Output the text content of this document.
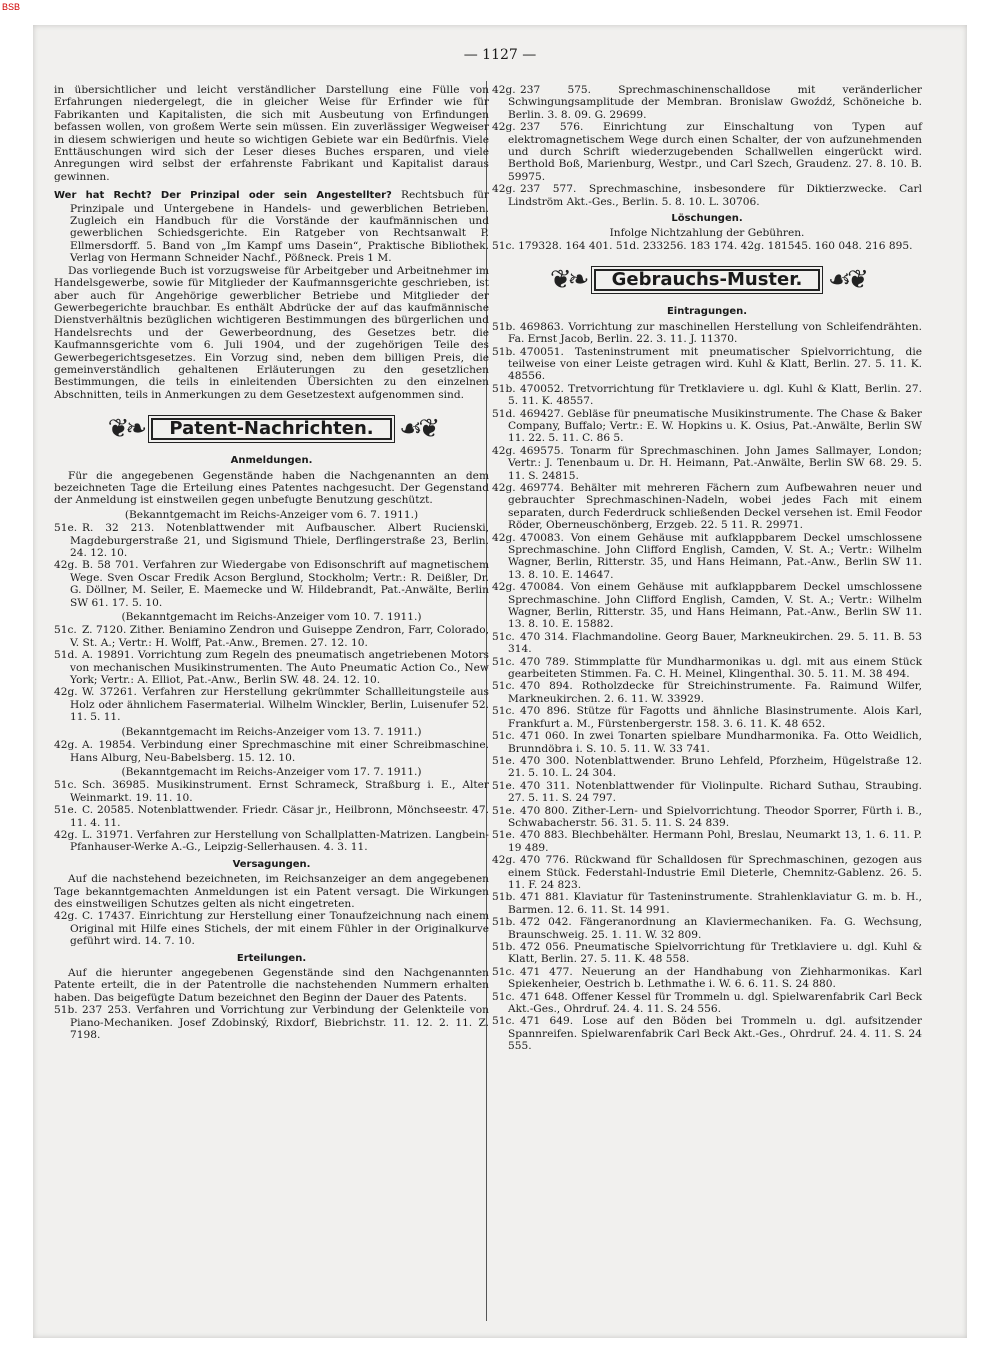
BSB
— 1127 —

in übersichtlicher und leicht verständlicher Darstellung eine Fülle von Erfahrungen niedergelegt, die in gleicher Weise für Erfinder wie für Fabrikanten und Kapitalisten, die sich mit Ausbeutung von Erfindungen befassen wollen, von großem Werte sein müssen. Ein zuverlässiger Wegweiser in diesem schwierigen und heute so wichtigen Gebiete war ein Bedürfnis. Viele Enttäuschungen wird sich der Leser dieses Buches ersparen, und viele Anregungen wird selbst der erfahrenste Fabrikant und Kapitalist daraus gewinnen.

Wer hat Recht? Der Prinzipal oder sein Angestellter? Rechtsbuch für Prinzipale und Untergebene in Handels- und gewerblichen Betrieben. Zugleich ein Handbuch für die Vorstände der kaufmännischen und gewerblichen Schiedsgerichte. Ein Ratgeber von Rechtsanwalt P. Ellmersdorff. 5. Band von „Im Kampf ums Dasein“, Praktische Bibliothek. Verlag von Hermann Schneider Nachf., Pößneck. Preis 1 M.

Das vorliegende Buch ist vorzugsweise für Arbeitgeber und Arbeitnehmer im Handelsgewerbe, sowie für Mitglieder der Kaufmannsgerichte geschrieben, ist aber auch für Angehörige gewerblicher Betriebe und Mitglieder der Gewerbegerichte brauchbar. Es enthält Abdrücke der auf das kaufmännische Dienstverhältnis bezüglichen wichtigeren Bestimmungen des bürgerlichen und Handelsrechts und der Gewerbeordnung, des Gesetzes betr. die Kaufmannsgerichte vom 6. Juli 1904, und der zugehörigen Teile des Gewerbegerichtsgesetzes. Ein Vorzug sind, neben dem billigen Preis, die gemeinverständlich gehaltenen Erläuterungen zu den gesetzlichen Bestimmungen, die teils in einleitenden Übersichten zu den einzelnen Abschnitten, teils in Anmerkungen zu dem Gesetzestext aufgenommen sind.

❦❧	Patent-Nachrichten. ☙❦
Anmeldungen.

Für die angegebenen Gegenstände haben die Nachgenannten an dem bezeichneten Tage die Erteilung eines Patentes nachgesucht. Der Gegenstand der Anmeldung ist einstweilen gegen unbefugte Benutzung geschützt.

(Bekanntgemacht im Reichs-Anzeiger vom 6. 7. 1911.)

51e. R. 32 213. Notenblattwender mit Aufbauscher. Albert Rucienski, Magdeburgerstraße 21, und Sigismund Thiele, Derflingerstraße 23, Berlin. 24. 12. 10.

42g. B. 58 701. Verfahren zur Wiedergabe von Edisonschrift auf magnetischem Wege. Sven Oscar Fredik Acson Berglund, Stockholm; Vertr.: R. Deißler, Dr. G. Döllner, M. Seiler, E. Maemecke und W. Hildebrandt, Pat.-Anwälte, Berlin SW 61. 17. 5. 10.

(Bekanntgemacht im Reichs-Anzeiger vom 10. 7. 1911.)

51c. Z. 7120. Zither. Beniamino Zendron und Guiseppe Zendron, Farr, Colorado, V. St. A.; Vertr.: H. Wolff, Pat.-Anw., Bremen. 27. 12. 10.

51d. A. 19891. Vorrichtung zum Regeln des pneumatisch angetriebenen Motors von mechanischen Musikinstrumenten. The Auto Pneumatic Action Co., New York; Vertr.: A. Elliot, Pat.-Anw., Berlin SW. 48. 24. 12. 10.

42g. W. 37261. Verfahren zur Herstellung gekrümmter Schallleitungsteile aus Holz oder ähnlichem Fasermaterial. Wilhelm Winckler, Berlin, Luisenufer 52. 11. 5. 11.

(Bekanntgemacht im Reichs-Anzeiger vom 13. 7. 1911.)

42g. A. 19854. Verbindung einer Sprechmaschine mit einer Schreibmaschine. Hans Alburg, Neu-Babelsberg. 15. 12. 10.

(Bekanntgemacht im Reichs-Anzeiger vom 17. 7. 1911.)

51c. Sch. 36985. Musikinstrument. Ernst Schrameck, Straßburg i. E., Alter Weinmarkt. 19. 11. 10.

51e. C. 20585. Notenblattwender. Friedr. Cäsar jr., Heilbronn, Mönchseestr. 47. 11. 4. 11.

42g. L. 31971. Verfahren zur Herstellung von Schallplatten-Matrizen. Langbein-Pfanhauser-Werke A.-G., Leipzig-Sellerhausen. 4. 3. 11.

Versagungen.

Auf die nachstehend bezeichneten, im Reichsanzeiger an dem angegebenen Tage bekanntgemachten Anmeldungen ist ein Patent versagt. Die Wirkungen des einstweiligen Schutzes gelten als nicht eingetreten.

42g. C. 17437. Einrichtung zur Herstellung einer Tonaufzeichnung nach einem Original mit Hilfe eines Stichels, der mit einem Fühler in der Originalkurve geführt wird. 14. 7. 10.

Erteilungen.

Auf die hierunter angegebenen Gegenstände sind den Nachgenannten Patente erteilt, die in der Patentrolle die nachstehenden Nummern erhalten haben. Das beigefügte Datum bezeichnet den Beginn der Dauer des Patents.

51b. 237 253. Verfahren und Vorrichtung zur Verbindung der Gelenkteile von Piano-Mechaniken. Josef Zdobinský, Rixdorf, Biebrichstr. 11. 12. 2. 11. Z. 7198.

42g. 237 575. Sprechmaschinenschalldose mit veränderlicher Schwingungsamplitude der Membran. Bronislaw Gwoźdź, Schöneiche b. Berlin. 3. 8. 09. G. 29699.

42g. 237 576. Einrichtung zur Einschaltung von Typen auf elektromagnetischem Wege durch einen Schalter, der von aufzunehmenden und durch Schrift wiederzugebenden Schallwellen eingerückt wird. Berthold Boß, Marienburg, Westpr., und Carl Szech, Graudenz. 27. 8. 10. B. 59975.

42g. 237 577. Sprechmaschine, insbesondere für Diktierzwecke. Carl Lindström Akt.-Ges., Berlin. 5. 8. 10. L. 30706.

Löschungen.

Infolge Nichtzahlung der Gebühren.

51c. 179328. 164 401. 51d. 233256. 183 174. 42g. 181545. 160 048. 216 895.

❦❧	Gebrauchs-Muster. ☙❦
Eintragungen.

51b. 469863. Vorrichtung zur maschinellen Herstellung von Schleifendrähten. Fa. Ernst Jacob, Berlin. 22. 3. 11. J. 11370.

51b. 470051. Tasteninstrument mit pneumatischer Spielvorrichtung, die teilweise von einer Leiste getragen wird. Kuhl & Klatt, Berlin. 27. 5. 11. K. 48556.

51b. 470052. Tretvorrichtung für Tretklaviere u. dgl. Kuhl & Klatt, Berlin. 27. 5. 11. K. 48557.

51d. 469427. Gebläse für pneumatische Musikinstrumente. The Chase & Baker Company, Buffalo; Vertr.: E. W. Hopkins u. K. Osius, Pat.-Anwälte, Berlin SW 11. 22. 5. 11. C. 86 5.

42g. 469575. Tonarm für Sprechmaschinen. John James Sallmayer, London; Vertr.: J. Tenenbaum u. Dr. H. Heimann, Pat.-Anwälte, Berlin SW 68. 29. 5. 11. S. 24815.

42g. 469774. Behälter mit mehreren Fächern zum Aufbewahren neuer und gebrauchter Sprechmaschinen-Nadeln, wobei jedes Fach mit einem separaten, durch Federdruck schließenden Deckel versehen ist. Emil Feodor Röder, Oberneuschönberg, Erzgeb. 22. 5 11. R. 29971.

42g. 470083. Von einem Gehäuse mit aufklappbarem Deckel umschlossene Sprechmaschine. John Clifford English, Camden, V. St. A.; Vertr.: Wilhelm Wagner, Berlin, Ritterstr. 35, und Hans Heimann, Pat.-Anw., Berlin SW 11. 13. 8. 10. E. 14647.

42g. 470084. Von einem Gehäuse mit aufklappbarem Deckel umschlossene Sprechmaschine. John Clifford English, Camden, V. St. A.; Vertr.: Wilhelm Wagner, Berlin, Ritterstr. 35, und Hans Heimann, Pat.-Anw., Berlin SW 11. 13. 8. 10. E. 15882.

51c. 470 314. Flachmandoline. Georg Bauer, Markneukirchen. 29. 5. 11. B. 53 314.

51c. 470 789. Stimmplatte für Mundharmonikas u. dgl. mit aus einem Stück gearbeiteten Stimmen. Fa. C. H. Meinel, Klingenthal. 30. 5. 11. M. 38 494.

51c. 470 894. Rotholzdecke für Streichinstrumente. Fa. Raimund Wilfer, Markneukirchen. 2. 6. 11. W. 33929.

51c. 470 896. Stütze für Fagotts und ähnliche Blasinstrumente. Alois Karl, Frankfurt a. M., Fürstenbergerstr. 158. 3. 6. 11. K. 48 652.

51c. 471 060. In zwei Tonarten spielbare Mundharmonika. Fa. Otto Weidlich, Brunndöbra i. S. 10. 5. 11. W. 33 741.

51e. 470 300. Notenblattwender. Bruno Lehfeld, Pforzheim, Hügelstraße 12. 21. 5. 10. L. 24 304.

51e. 470 311. Notenblattwender für Violinpulte. Richard Suthau, Straubing. 27. 5. 11. S. 24 797.

51e. 470 800. Zither-Lern- und Spielvorrichtung. Theodor Sporrer, Fürth i. B., Schwabacherstr. 56. 31. 5. 11. S. 24 839.

51e. 470 883. Blechbehälter. Hermann Pohl, Breslau, Neumarkt 13, 1. 6. 11. P. 19 489.

42g. 470 776. Rückwand für Schalldosen für Sprechmaschinen, gezogen aus einem Stück. Federstahl-Industrie Emil Dieterle, Chemnitz-Gablenz. 26. 5. 11. F. 24 823.

51b. 471 881. Klaviatur für Tasteninstrumente. Strahlenklaviatur G. m. b. H., Barmen. 12. 6. 11. St. 14 991.

51b. 472 042. Fängeranordnung an Klaviermechaniken. Fa. G. Wechsung, Braunschweig. 25. 1. 11. W. 32 809.

51b. 472 056. Pneumatische Spielvorrichtung für Tretklaviere u. dgl. Kuhl & Klatt, Berlin. 27. 5. 11. K. 48 558.

51c. 471 477. Neuerung an der Handhabung von Ziehharmonikas. Karl Spiekenheier, Oestrich b. Lethmathe i. W. 6. 6. 11. S. 24 880.

51c. 471 648. Offener Kessel für Trommeln u. dgl. Spielwarenfabrik Carl Beck Akt.-Ges., Ohrdruf. 24. 4. 11. S. 24 556.

51c. 471 649. Lose auf den Böden bei Trommeln u. dgl. aufsitzender Spannreifen. Spielwarenfabrik Carl Beck Akt.-Ges., Ohrdruf. 24. 4. 11. S. 24 555.
